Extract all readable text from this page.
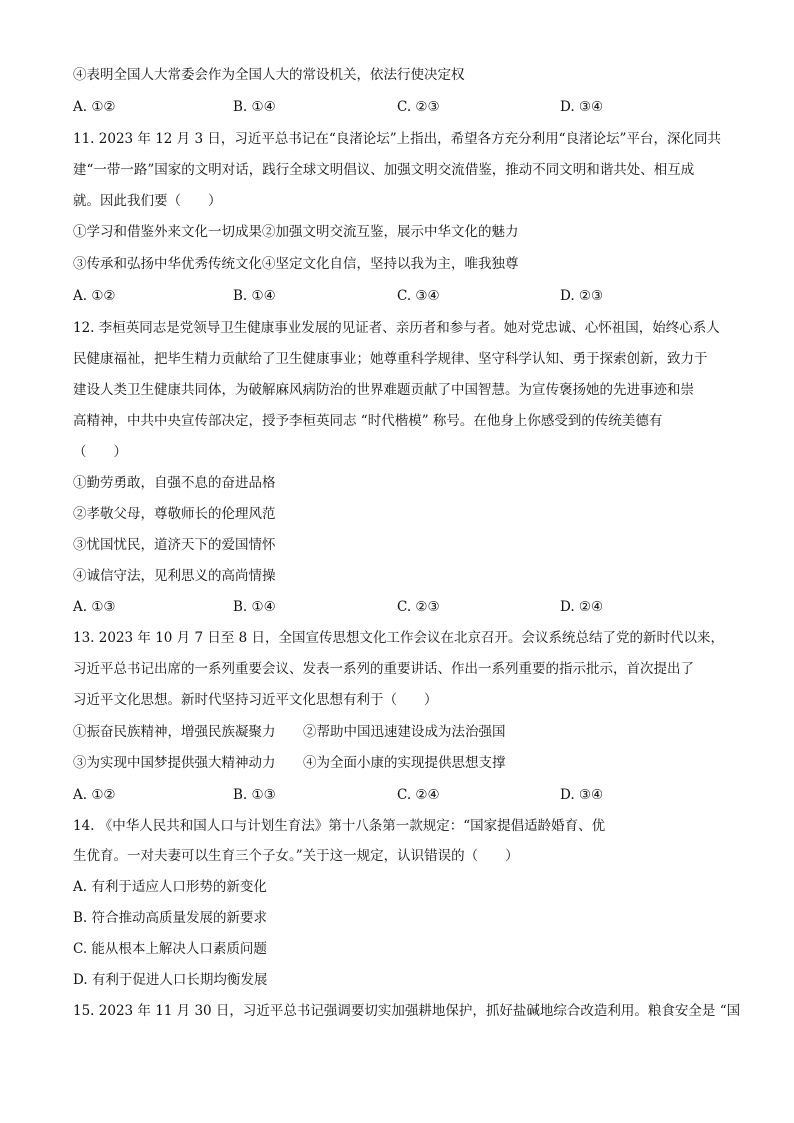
④表明全国人大常委会作为全国人大的常设机关，依法行使决定权
A. ①②	B. ①④	C. ②③	D. ③④
11. 2023 年 12 月 3 日，习近平总书记在“良渚论坛”上指出，希望各方充分利用“良渚论坛”平台，深化同共
建“一带一路”国家的文明对话，践行全球文明倡议、加强文明交流借鉴，推动不同文明和谐共处、相互成
就。因此我们要（　　）
①学习和借鉴外来文化一切成果②加强文明交流互鉴，展示中华文化的魅力
③传承和弘扬中华优秀传统文化④坚定文化自信，坚持以我为主，唯我独尊
A. ①②	B. ①④	C. ③④	D. ②③
12. 李桓英同志是党领导卫生健康事业发展的见证者、亲历者和参与者。她对党忠诚、心怀祖国，始终心系人
民健康福祉，把毕生精力贡献给了卫生健康事业；她尊重科学规律、坚守科学认知、勇于探索创新，致力于
建设人类卫生健康共同体，为破解麻风病防治的世界难题贡献了中国智慧。为宣传褒扬她的先进事迹和崇
高精神，中共中央宣传部决定，授予李桓英同志 “时代楷模” 称号。在他身上你感受到的传统美德有
（　　）
①勤劳勇敢，自强不息的奋进品格
②孝敬父母，尊敬师长的伦理风范
③忧国忧民，道济天下的爱国情怀
④诚信守法，见利思义的高尚情操
A. ①③	B. ①④	C. ②③	D. ②④
13. 2023 年 10 月 7 日至 8 日，全国宣传思想文化工作会议在北京召开。会议系统总结了党的新时代以来，
习近平总书记出席的一系列重要会议、发表一系列的重要讲话、作出一系列重要的指示批示，首次提出了
习近平文化思想。新时代坚持习近平文化思想有利于（　　）
①振奋民族精神，增强民族凝聚力 ②帮助中国迅速建设成为法治强国
③为实现中国梦提供强大精神动力 ④为全面小康的实现提供思想支撑
A. ①②	B. ①③	C. ②④	D. ③④
14. 《中华人民共和国人口与计划生育法》第十八条第一款规定：“国家提倡适龄婚育、优
生优育。一对夫妻可以生育三个子女。”关于这一规定，认识错误的（　　）
A. 有利于适应人口形势的新变化
B. 符合推动高质量发展的新要求
C. 能从根本上解决人口素质问题
D. 有利于促进人口长期均衡发展
15. 2023 年 11 月 30 日，习近平总书记强调要切实加强耕地保护，抓好盐碱地综合改造利用。粮食安全是 “国
